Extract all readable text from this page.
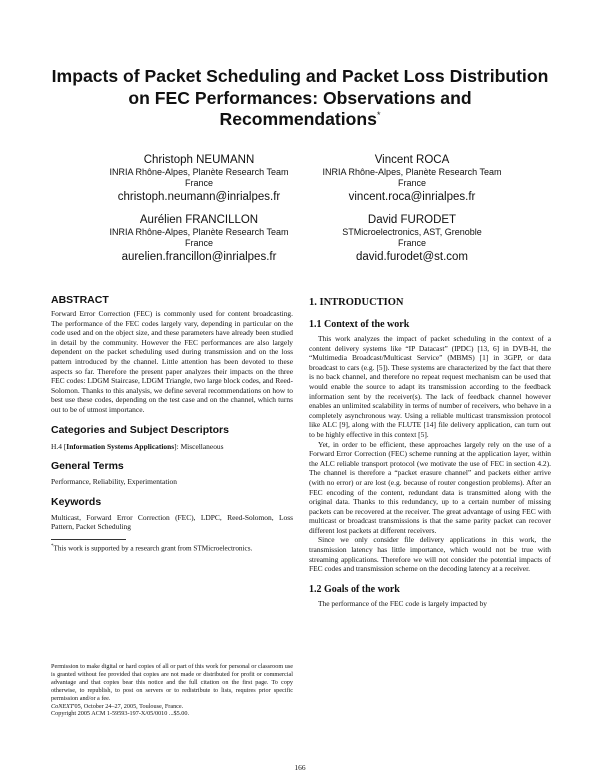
Impacts of Packet Scheduling and Packet Loss Distribution
on FEC Performances: Observations and
Recommendations*
Christoph NEUMANN
INRIA Rhône-Alpes, Planète Research Team
France
christoph.neumann@inrialpes.fr
Vincent ROCA
INRIA Rhône-Alpes, Planète Research Team
France
vincent.roca@inrialpes.fr
Aurélien FRANCILLON
INRIA Rhône-Alpes, Planète Research Team
France
aurelien.francillon@inrialpes.fr
David FURODET
STMicroelectronics, AST, Grenoble
France
david.furodet@st.com
ABSTRACT

Forward Error Correction (FEC) is commonly used for content broadcasting. The performance of the FEC codes largely vary, depending in particular on the code used and on the object size, and these parameters have already been studied in detail by the community. However the FEC performances are also largely dependent on the packet scheduling used during transmission and on the loss pattern introduced by the channel. Little attention has been devoted to these aspects so far. Therefore the present paper analyzes their impacts on the three FEC codes: LDGM Staircase, LDGM Triangle, two large block codes, and Reed-Solomon. Thanks to this analysis, we define several recommendations on how to best use these codes, depending on the test case and on the channel, which turns out to be of utmost importance.

Categories and Subject Descriptors

H.4 [Information Systems Applications]: Miscellaneous

General Terms

Performance, Reliability, Experimentation

Keywords

Multicast, Forward Error Correction (FEC), LDPC, Reed-Solomon, Loss Pattern, Packet Scheduling

*This work is supported by a research grant from STMicroelectronics.

Permission to make digital or hard copies of all or part of this work for personal or classroom use is granted without fee provided that copies are not made or distributed for profit or commercial advantage and that copies bear this notice and the full citation on the first page. To copy otherwise, to republish, to post on servers or to redistribute to lists, requires prior specific permission and/or a fee.

CoNEXT'05, October 24–27, 2005, Toulouse, France.

Copyright 2005 ACM 1-59593-197-X/05/0010 ...$5.00.

1. INTRODUCTION
1.1 Context of the work

This work analyzes the impact of packet scheduling in the context of a content delivery systems like “IP Datacast” (IPDC) [13, 6] in DVB-H, the “Multimedia Broadcast/Multicast Service” (MBMS) [1] in 3GPP, or data broadcast to cars (e.g. [5]). These systems are characterized by the fact that there is no back channel, and therefore no repeat request mechanism can be used that would enable the source to adapt its transmission according to the feedback information sent by the receiver(s). The lack of feedback channel however enables an unlimited scalability in terms of number of receivers, who behave in a completely asynchronous way. Using a reliable multicast transmission protocol like ALC [9], along with the FLUTE [14] file delivery application, can turn out to be highly effective in this context [5].

Yet, in order to be efficient, these approaches largely rely on the use of a Forward Error Correction (FEC) scheme running at the application layer, within the ALC reliable transport protocol (we motivate the use of FEC in section 4.2). The channel is therefore a “packet erasure channel” and packets either arrive (with no error) or are lost (e.g. because of router congestion problems). After an FEC encoding of the content, redundant data is transmitted along with the original data. Thanks to this redundancy, up to a certain number of missing packets can be recovered at the receiver. The great advantage of using FEC with multicast or broadcast transmissions is that the same parity packet can recover different lost packets at different receivers.

Since we only consider file delivery applications in this work, the transmission latency has little importance, which would not be true with streaming applications. Therefore we will not consider the potential impacts of FEC codes and transmission scheme on the decoding latency at a receiver.

1.2 Goals of the work

The performance of the FEC code is largely impacted by

166
